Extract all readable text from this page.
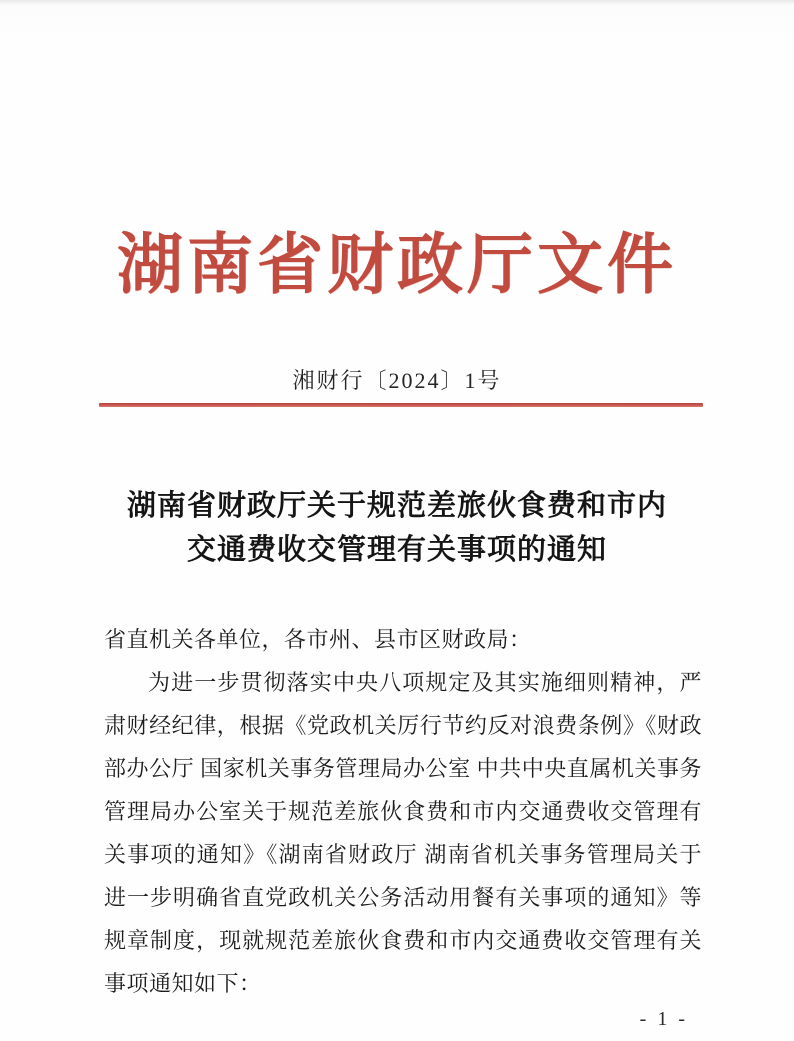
湖南省财政厅文件
湘财行〔2024〕1号
湖南省财政厅关于规范差旅伙食费和市内
交通费收交管理有关事项的通知

省直机关各单位，各市州、县市区财政局：

为进一步贯彻落实中央八项规定及其实施细则精神，严肃财经纪律，根据《党政机关厉行节约反对浪费条例》《财政部办公厅 国家机关事务管理局办公室 中共中央直属机关事务管理局办公室关于规范差旅伙食费和市内交通费收交管理有关事项的通知》《湖南省财政厅 湖南省机关事务管理局关于进一步明确省直党政机关公务活动用餐有关事项的通知》等规章制度，现就规范差旅伙食费和市内交通费收交管理有关事项通知如下：

- 1 -
